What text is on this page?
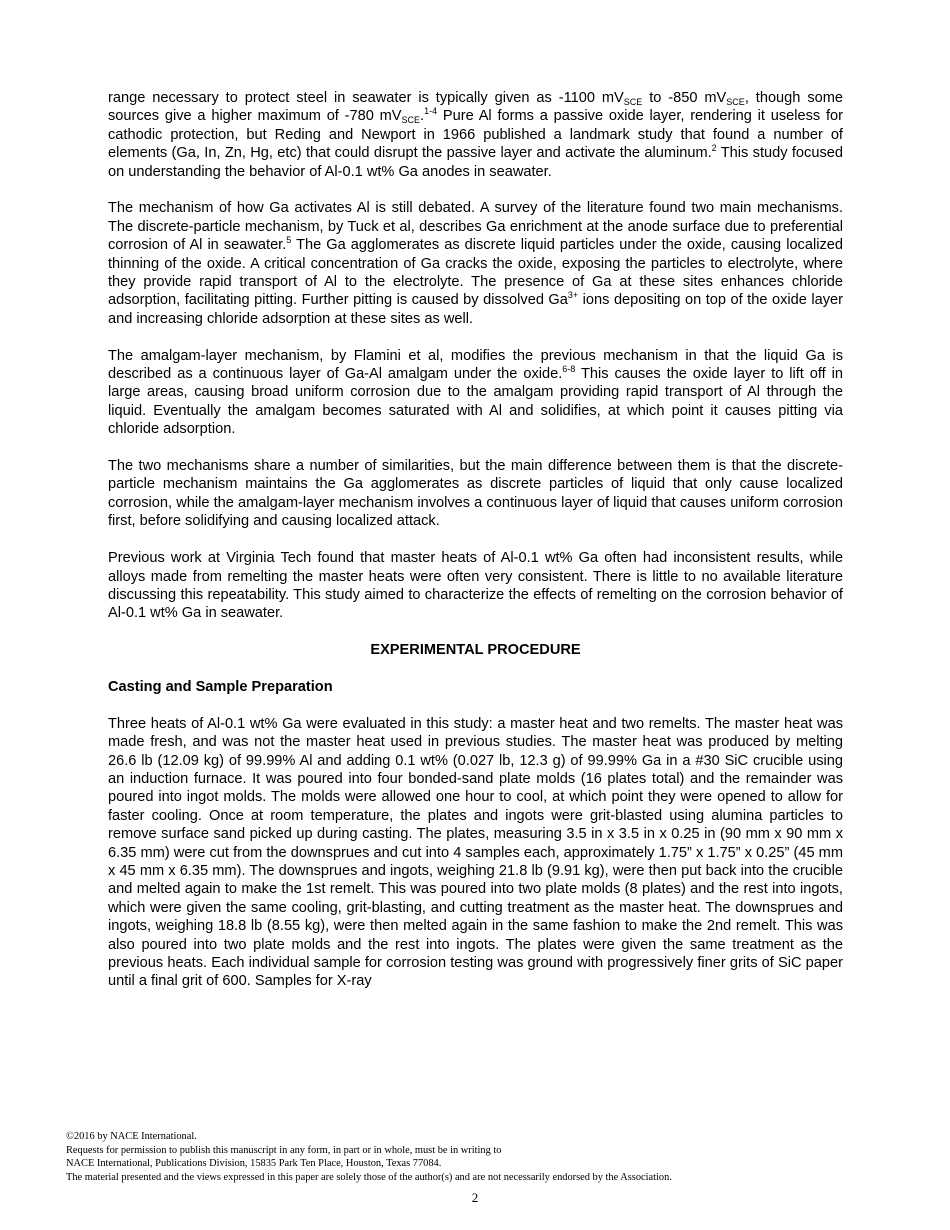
range necessary to protect steel in seawater is typically given as -1100 $mV_{SCE}$ to -850 $mV_{SCE}$, though some sources give a higher maximum of -780 $mV_{SCE}.^{1-4}$ Pure Al forms a passive oxide layer, rendering it useless for cathodic protection, but Reding and Newport in 1966 published a landmark study that found a number of elements (Ga, In, Zn, Hg, etc) that could disrupt the passive layer and activate the aluminum.$^2$ This study focused on understanding the behavior of Al-0.1 wt% Ga anodes in seawater.

The mechanism of how Ga activates Al is still debated. A survey of the literature found two main mechanisms. The discrete-particle mechanism, by Tuck et al, describes Ga enrichment at the anode surface due to preferential corrosion of Al in seawater.$^5$ The Ga agglomerates as discrete liquid particles under the oxide, causing localized thinning of the oxide. A critical concentration of Ga cracks the oxide, exposing the particles to electrolyte, where they provide rapid transport of Al to the electrolyte. The presence of Ga at these sites enhances chloride adsorption, facilitating pitting. Further pitting is caused by dissolved $Ga^{3+}$ ions depositing on top of the oxide layer and increasing chloride adsorption at these sites as well.

The amalgam-layer mechanism, by Flamini et al, modifies the previous mechanism in that the liquid Ga is described as a continuous layer of Ga-Al amalgam under the oxide.$^{6-8}$ This causes the oxide layer to lift off in large areas, causing broad uniform corrosion due to the amalgam providing rapid transport of Al through the liquid. Eventually the amalgam becomes saturated with Al and solidifies, at which point it causes pitting via chloride adsorption.

The two mechanisms share a number of similarities, but the main difference between them is that the discrete-particle mechanism maintains the Ga agglomerates as discrete particles of liquid that only cause localized corrosion, while the amalgam-layer mechanism involves a continuous layer of liquid that causes uniform corrosion first, before solidifying and causing localized attack.

Previous work at Virginia Tech found that master heats of Al-0.1 wt% Ga often had inconsistent results, while alloys made from remelting the master heats were often very consistent. There is little to no available literature discussing this repeatability. This study aimed to characterize the effects of remelting on the corrosion behavior of Al-0.1 wt% Ga in seawater.

EXPERIMENTAL PROCEDURE
Casting and Sample Preparation

Three heats of Al-0.1 wt% Ga were evaluated in this study: a master heat and two remelts. The master heat was made fresh, and was not the master heat used in previous studies. The master heat was produced by melting 26.6 lb (12.09 kg) of 99.99% Al and adding 0.1 wt% (0.027 lb, 12.3 g) of 99.99% Ga in a #30 SiC crucible using an induction furnace. It was poured into four bonded-sand plate molds (16 plates total) and the remainder was poured into ingot molds. The molds were allowed one hour to cool, at which point they were opened to allow for faster cooling. Once at room temperature, the plates and ingots were grit-blasted using alumina particles to remove surface sand picked up during casting. The plates, measuring 3.5 in x 3.5 in x 0.25 in (90 mm x 90 mm x 6.35 mm) were cut from the downsprues and cut into 4 samples each, approximately 1.75” x 1.75” x 0.25” (45 mm x 45 mm x 6.35 mm). The downsprues and ingots, weighing 21.8 lb (9.91 kg), were then put back into the crucible and melted again to make the 1st remelt. This was poured into two plate molds (8 plates) and the rest into ingots, which were given the same cooling, grit-blasting, and cutting treatment as the master heat. The downsprues and ingots, weighing 18.8 lb (8.55 kg), were then melted again in the same fashion to make the 2nd remelt. This was also poured into two plate molds and the rest into ingots. The plates were given the same treatment as the previous heats. Each individual sample for corrosion testing was ground with progressively finer grits of SiC paper until a final grit of 600. Samples for X-ray

©2016 by NACE International.
Requests for permission to publish this manuscript in any form, in part or in whole, must be in writing to
NACE International, Publications Division, 15835 Park Ten Place, Houston, Texas 77084.
The material presented and the views expressed in this paper are solely those of the author(s) and are not necessarily endorsed by the Association.
2
